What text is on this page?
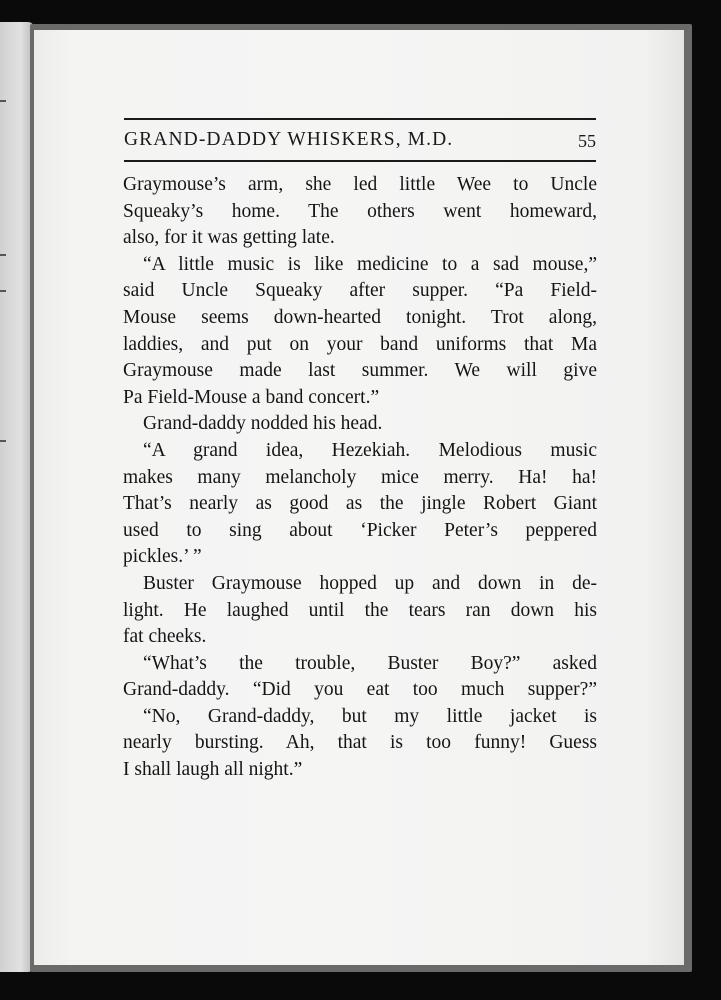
GRAND-DADDY WHISKERS, M.D.	55
Graymouse’s arm, she led little Wee to Uncle
Squeaky’s home. The others went homeward,
also, for it was getting late.
“A little music is like medicine to a sad mouse,”
said Uncle Squeaky after supper. “Pa Field-
Mouse seems down-hearted tonight. Trot along,
laddies, and put on your band uniforms that Ma
Graymouse made last summer. We will give
Pa Field-Mouse a band concert.”
Grand-daddy nodded his head.
“A grand idea, Hezekiah. Melodious music
makes many melancholy mice merry. Ha! ha!
That’s nearly as good as the jingle Robert Giant
used to sing about ‘Picker Peter’s peppered
pickles.’ ”
Buster Graymouse hopped up and down in de-
light. He laughed until the tears ran down his
fat cheeks.
“What’s the trouble, Buster Boy?” asked
Grand-daddy. “Did you eat too much supper?”
“No, Grand-daddy, but my little jacket is
nearly bursting. Ah, that is too funny! Guess
I shall laugh all night.”
